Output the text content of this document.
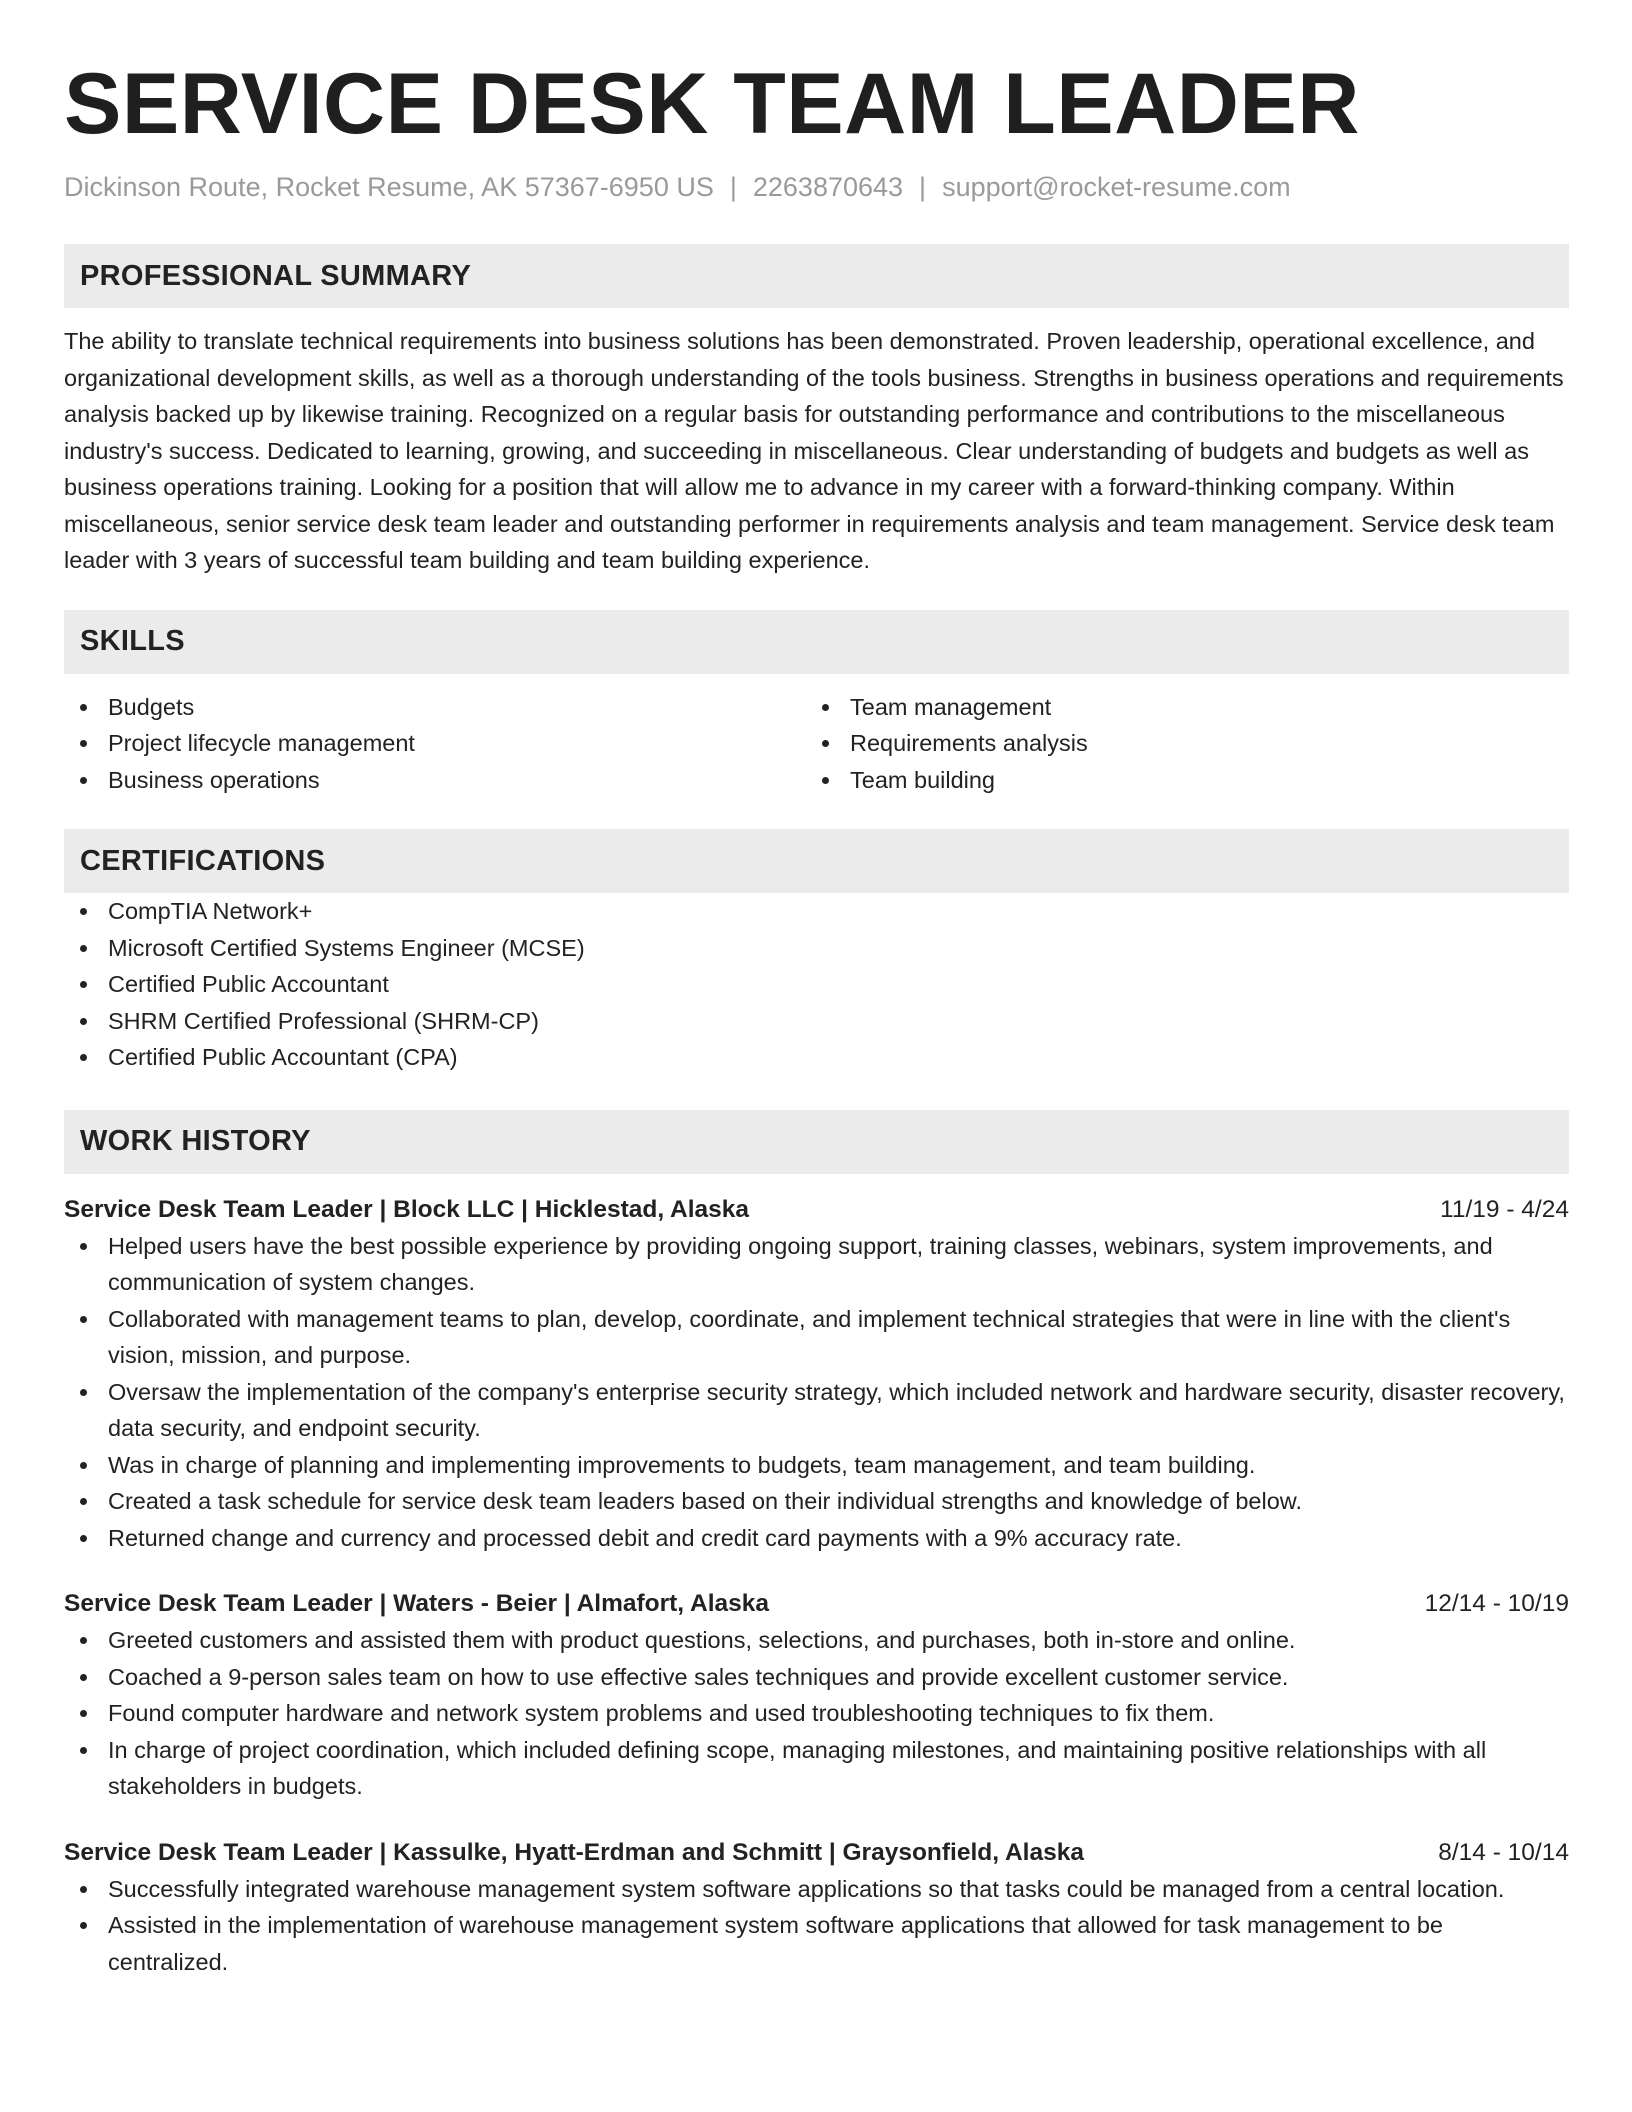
SERVICE DESK TEAM LEADER
Dickinson Route, Rocket Resume, AK 57367-6950 US | 2263870643 | support@rocket-resume.com
PROFESSIONAL SUMMARY
The ability to translate technical requirements into business solutions has been demonstrated. Proven leadership, operational excellence, and organizational development skills, as well as a thorough understanding of the tools business. Strengths in business operations and requirements analysis backed up by likewise training. Recognized on a regular basis for outstanding performance and contributions to the miscellaneous industry's success. Dedicated to learning, growing, and succeeding in miscellaneous. Clear understanding of budgets and budgets as well as business operations training. Looking for a position that will allow me to advance in my career with a forward-thinking company. Within miscellaneous, senior service desk team leader and outstanding performer in requirements analysis and team management. Service desk team leader with 3 years of successful team building and team building experience.
SKILLS
Budgets
Project lifecycle management
Business operations
Team management
Requirements analysis
Team building
CERTIFICATIONS
CompTIA Network+
Microsoft Certified Systems Engineer (MCSE)
Certified Public Accountant
SHRM Certified Professional (SHRM-CP)
Certified Public Accountant (CPA)
WORK HISTORY
Service Desk Team Leader | Block LLC | Hicklestad, Alaska	11/19 - 4/24
Helped users have the best possible experience by providing ongoing support, training classes, webinars, system improvements, and communication of system changes.
Collaborated with management teams to plan, develop, coordinate, and implement technical strategies that were in line with the client's vision, mission, and purpose.
Oversaw the implementation of the company's enterprise security strategy, which included network and hardware security, disaster recovery, data security, and endpoint security.
Was in charge of planning and implementing improvements to budgets, team management, and team building.
Created a task schedule for service desk team leaders based on their individual strengths and knowledge of below.
Returned change and currency and processed debit and credit card payments with a 9% accuracy rate.
Service Desk Team Leader | Waters - Beier | Almafort, Alaska	12/14 - 10/19
Greeted customers and assisted them with product questions, selections, and purchases, both in-store and online.
Coached a 9-person sales team on how to use effective sales techniques and provide excellent customer service.
Found computer hardware and network system problems and used troubleshooting techniques to fix them.
In charge of project coordination, which included defining scope, managing milestones, and maintaining positive relationships with all stakeholders in budgets.
Service Desk Team Leader | Kassulke, Hyatt-Erdman and Schmitt | Graysonfield, Alaska	8/14 - 10/14
Successfully integrated warehouse management system software applications so that tasks could be managed from a central location.
Assisted in the implementation of warehouse management system software applications that allowed for task management to be centralized.
